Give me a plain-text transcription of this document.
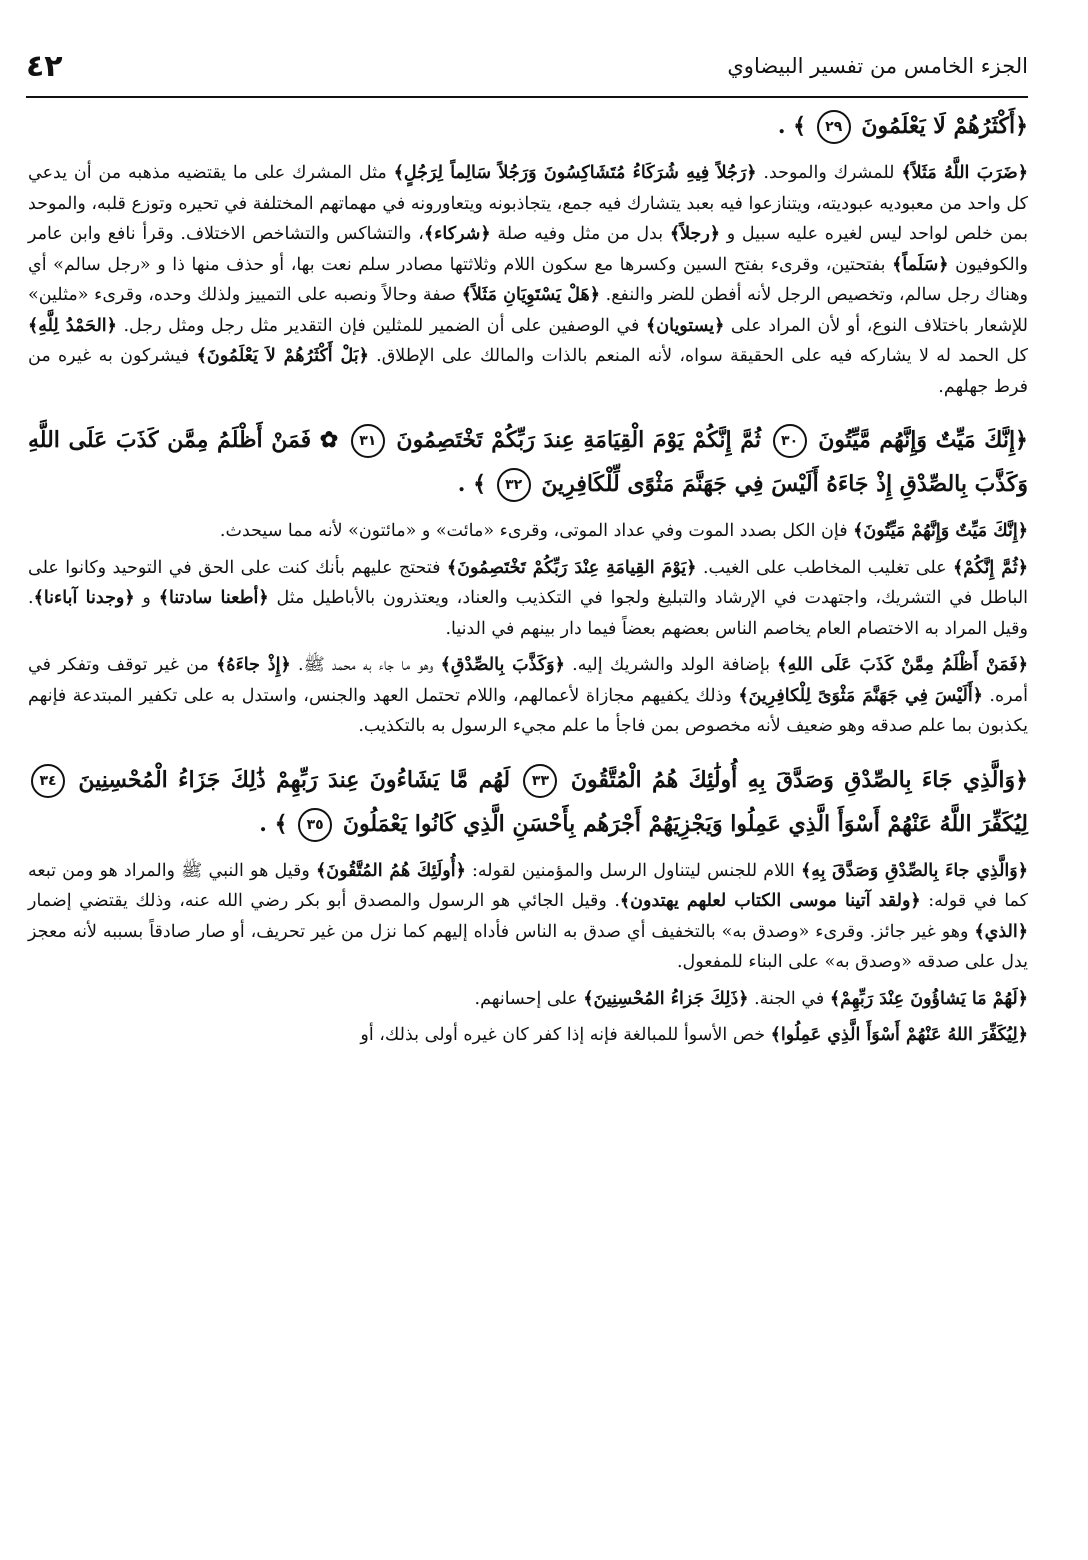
٤٢	الجزء الخامس من تفسير البيضاوي

﴿أَكْثَرُهُمْ لَا يَعْلَمُونَ ٢٩ ﴾ .

﴿ضَرَبَ اللَّهُ مَثَلاً﴾ للمشرك والموحد. ﴿رَجُلاً فِيهِ شُرَكَاءُ مُتَشَاكِسُونَ وَرَجُلاً سَالِماً لِرَجُلٍ﴾ مثل المشرك على ما يقتضيه مذهبه من أن يدعي كل واحد من معبوديه عبوديته، ويتنازعوا فيه بعبد يتشارك فيه جمع، يتجاذبونه ويتعاورونه في مهماتهم المختلفة في تحيره وتوزع قلبه، والموحد بمن خلص لواحد ليس لغيره عليه سبيل و ﴿رجلاً﴾ بدل من مثل وفيه صلة ﴿شركاء﴾، والتشاكس والتشاخص الاختلاف. وقرأ نافع وابن عامر والكوفيون ﴿سَلَماً﴾ بفتحتين، وقرىء بفتح السين وكسرها مع سكون اللام وثلاثتها مصادر سلم نعت بها، أو حذف منها ذا و «رجل سالم» أي وهناك رجل سالم، وتخصيص الرجل لأنه أفطن للضر والنفع. ﴿هَلْ يَسْتَوِيَانِ مَثَلاً﴾ صفة وحالاً ونصبه على التمييز ولذلك وحده، وقرىء «مثلين» للإشعار باختلاف النوع، أو لأن المراد على ﴿يستويان﴾ في الوصفين على أن الضمير للمثلين فإن التقدير مثل رجل ومثل رجل. ﴿الحَمْدُ لِلَّهِ﴾ كل الحمد له لا يشاركه فيه على الحقيقة سواه، لأنه المنعم بالذات والمالك على الإطلاق. ﴿بَلْ أَكْثَرُهُمْ لاَ يَعْلَمُونَ﴾ فيشركون به غيره من فرط جهلهم.

﴿إِنَّكَ مَيِّتٌ وَإِنَّهُم مَّيِّتُونَ ٣٠ ثُمَّ إِنَّكُمْ يَوْمَ الْقِيَامَةِ عِندَ رَبِّكُمْ تَخْتَصِمُونَ ٣١ ✿ فَمَنْ أَظْلَمُ مِمَّن كَذَبَ عَلَى اللَّهِ وَكَذَّبَ بِالصِّدْقِ إِذْ جَاءَهُ أَلَيْسَ فِي جَهَنَّمَ مَثْوًى لِّلْكَافِرِينَ ٣٢ ﴾ .

﴿إِنَّكَ مَيِّتٌ وَإِنَّهُمْ مَيِّتُونَ﴾ فإن الكل بصدد الموت وفي عداد الموتى، وقرىء «مائت» و «مائتون» لأنه مما سيحدث.

﴿ثُمَّ إِنَّكُمْ﴾ على تغليب المخاطب على الغيب. ﴿يَوْمَ القِيامَةِ عِنْدَ رَبِّكُمْ تَخْتَصِمُونَ﴾ فتحتج عليهم بأنك كنت على الحق في التوحيد وكانوا على الباطل في التشريك، واجتهدت في الإرشاد والتبليغ ولجوا في التكذيب والعناد، ويعتذرون بالأباطيل مثل ﴿أطعنا سادتنا﴾ و ﴿وجدنا آباءنا﴾. وقيل المراد به الاختصام العام يخاصم الناس بعضهم بعضاً فيما دار بينهم في الدنيا.

﴿فَمَنْ أَظْلَمُ مِمَّنْ كَذَبَ عَلَى اللهِ﴾ بإضافة الولد والشريك إليه. ﴿وَكَذَّبَ بِالصِّدْقِ﴾ وهو ما جاء به محمد ﷺ. ﴿إِذْ جاءَهُ﴾ من غير توقف وتفكر في أمره. ﴿أَلَيْسَ فِي جَهَنَّمَ مَثْوَىً لِلْكافِرِينَ﴾ وذلك يكفيهم مجازاة لأعمالهم، واللام تحتمل العهد والجنس، واستدل به على تكفير المبتدعة فإنهم يكذبون بما علم صدقه وهو ضعيف لأنه مخصوص بمن فاجأ ما علم مجيء الرسول به بالتكذيب.

﴿وَالَّذِي جَاءَ بِالصِّدْقِ وَصَدَّقَ بِهِ أُولَٰئِكَ هُمُ الْمُتَّقُونَ ٣٣ لَهُم مَّا يَشَاءُونَ عِندَ رَبِّهِمْ ذَٰلِكَ جَزَاءُ الْمُحْسِنِينَ ٣٤ لِيُكَفِّرَ اللَّهُ عَنْهُمْ أَسْوَأَ الَّذِي عَمِلُوا وَيَجْزِيَهُمْ أَجْرَهُم بِأَحْسَنِ الَّذِي كَانُوا يَعْمَلُونَ ٣٥ ﴾ .

﴿وَالَّذِي جاءَ بِالصِّدْقِ وَصَدَّقَ بِهِ﴾ اللام للجنس ليتناول الرسل والمؤمنين لقوله: ﴿أُولَئِكَ هُمُ المُتَّقُونَ﴾ وقيل هو النبي ﷺ والمراد هو ومن تبعه كما في قوله: ﴿ولقد آتينا موسى الكتاب لعلهم يهتدون﴾. وقيل الجائي هو الرسول والمصدق أبو بكر رضي الله عنه، وذلك يقتضي إضمار ﴿الذي﴾ وهو غير جائز. وقرىء «وصدق به» بالتخفيف أي صدق به الناس فأداه إليهم كما نزل من غير تحريف، أو صار صادقاً بسببه لأنه معجز يدل على صدقه «وصدق به» على البناء للمفعول.

﴿لَهُمْ مَا يَشاؤُونَ عِنْدَ رَبِّهِمْ﴾ في الجنة. ﴿ذَلِكَ جَزاءُ المُحْسِنِينَ﴾ على إحسانهم.

﴿لِيُكَفِّرَ اللهُ عَنْهُمْ أَسْوَأَ الَّذِي عَمِلُوا﴾ خص الأسوأ للمبالغة فإنه إذا كفر كان غيره أولى بذلك، أو
